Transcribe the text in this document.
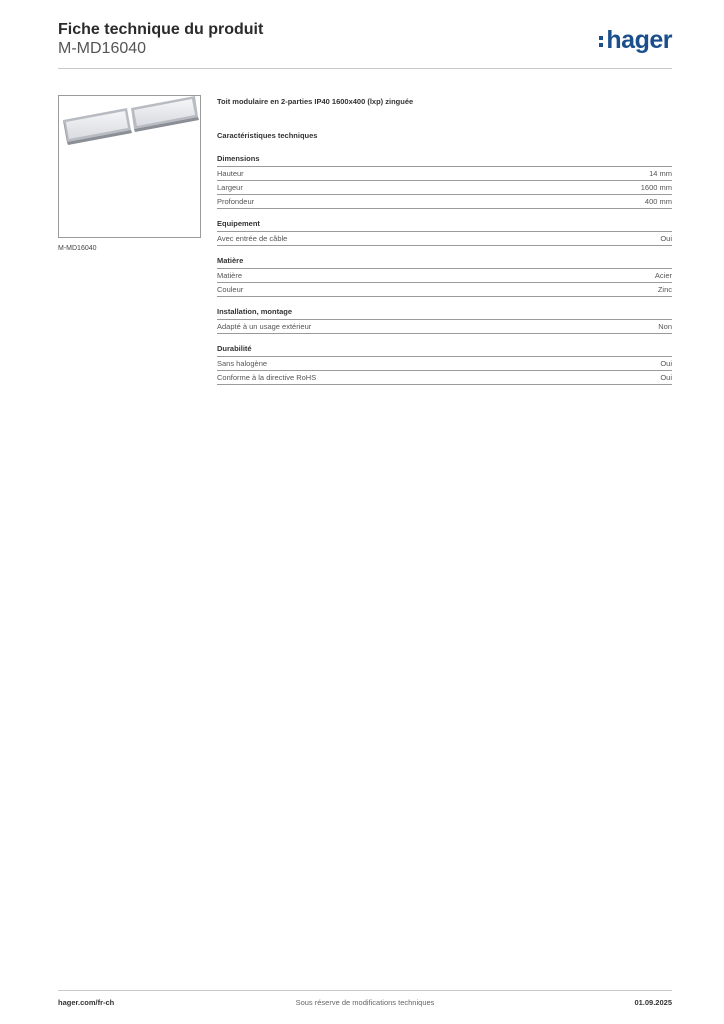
Fiche technique du produit
M-MD16040	hager
M-MD16040
Toit modulaire en 2-parties IP40 1600x400 (lxp) zinguée
Caractéristiques techniques
Dimensions
Hauteur	14 mm
Largeur	1600 mm
Profondeur	400 mm
Equipement
Avec entrée de câble	Oui
Matière
Matière	Acier
Couleur	Zinc
Installation, montage
Adapté à un usage extérieur	Non
Durabilité
Sans halogène	Oui
Conforme à la directive RoHS	Oui
hager.com/fr-ch	Sous réserve de modifications techniques	01.09.2025
